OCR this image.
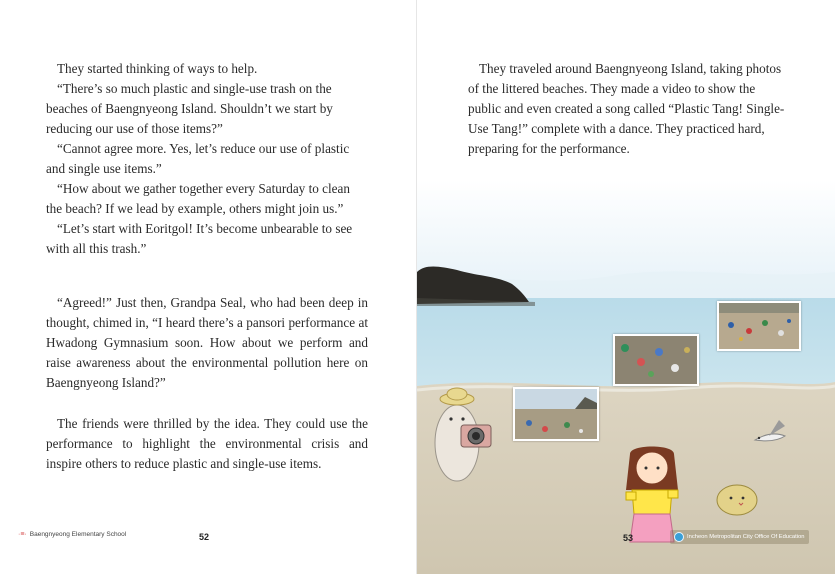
They started thinking of ways to help.

“There’s so much plastic and single-use trash on the beaches of Baengnyeong Island. Shouldn’t we start by reducing our use of those items?”

“Cannot agree more. Yes, let’s reduce our use of plastic and single use items.”

“How about we gather together every Saturday to clean the beach? If we lead by example, others might join us.”

“Let’s start with Eoritgol! It’s become unbearable to see with all this trash.”

“Agreed!” Just then, Grandpa Seal, who had been deep in thought, chimed in, “I heard there’s a pansori performance at Hwadong Gymnasium soon. How about we perform and raise awareness about the environmental pollution here on Baengnyeong Island?”

The friends were thrilled by the idea. They could use the performance to highlight the environmental crisis and inspire others to reduce plastic and single-use items.

·≡· Baengnyeong Elementary School	52

They traveled around Baengnyeong Island, taking photos of the littered beaches. They made a video to show the public and even created a song called “Plastic Tang! Single-Use Tang!” complete with a dance. They practiced hard, preparing for the performance.

53	Incheon Metropolitan City Office Of Education
